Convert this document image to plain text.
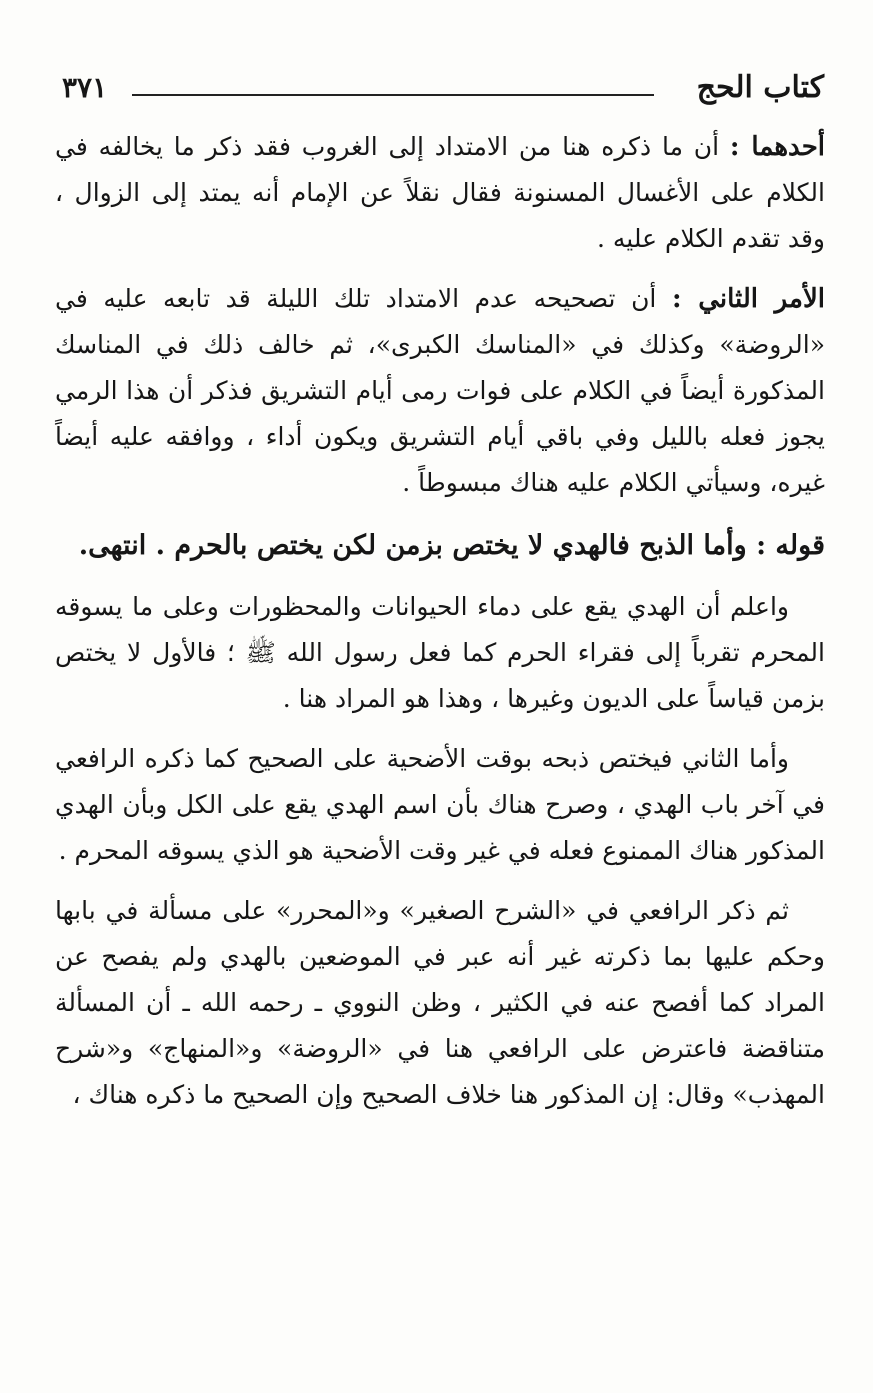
كتاب الحج
٣٧١

أحدهما : أن ما ذكره هنا من الامتداد إلى الغروب فقد ذكر ما يخالفه في الكلام على الأغسال المسنونة فقال نقلاً عن الإمام أنه يمتد إلى الزوال ، وقد تقدم الكلام عليه .

الأمر الثاني : أن تصحيحه عدم الامتداد تلك الليلة قد تابعه عليه في «الروضة» وكذلك في «المناسك الكبرى»، ثم خالف ذلك في المناسك المذكورة أيضاً في الكلام على فوات رمى أيام التشريق فذكر أن هذا الرمي يجوز فعله بالليل وفي باقي أيام التشريق ويكون أداء ، ووافقه عليه أيضاً غيره، وسيأتي الكلام عليه هناك مبسوطاً .

قوله : وأما الذبح فالهدي لا يختص بزمن لكن يختص بالحرم . انتهى.

واعلم أن الهدي يقع على دماء الحيوانات والمحظورات وعلى ما يسوقه المحرم تقرباً إلى فقراء الحرم كما فعل رسول الله ﷺ ؛ فالأول لا يختص بزمن قياساً على الديون وغيرها ، وهذا هو المراد هنا .

وأما الثاني فيختص ذبحه بوقت الأضحية على الصحيح كما ذكره الرافعي في آخر باب الهدي ، وصرح هناك بأن اسم الهدي يقع على الكل وبأن الهدي المذكور هناك الممنوع فعله في غير وقت الأضحية هو الذي يسوقه المحرم .

ثم ذكر الرافعي في «الشرح الصغير» و«المحرر» على مسألة في بابها وحكم عليها بما ذكرته غير أنه عبر في الموضعين بالهدي ولم يفصح عن المراد كما أفصح عنه في الكثير ، وظن النووي ـ رحمه الله ـ أن المسألة متناقضة فاعترض على الرافعي هنا في «الروضة» و«المنهاج» و«شرح المهذب» وقال: إن المذكور هنا خلاف الصحيح وإن الصحيح ما ذكره هناك ،
